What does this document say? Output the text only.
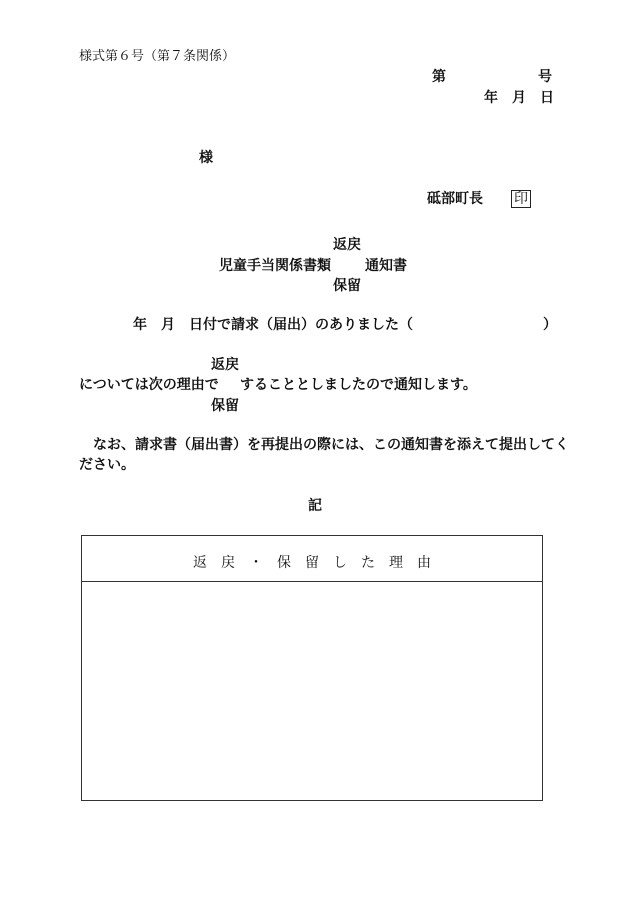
様式第６号（第７条関係）
第	号
年　月　日
様
砥部町長　　 印
返戻
児童手当関係書類 通知書
保留
年　月　日付で請求（届出）のありました（	）
返戻
については次の理由で することとしましたので通知します。
保留
なお、請求書（届出書）を再提出の際には、この通知書を添えて提出してく
ださい。
記
返　戻　・　保　留　し　た　理　由
